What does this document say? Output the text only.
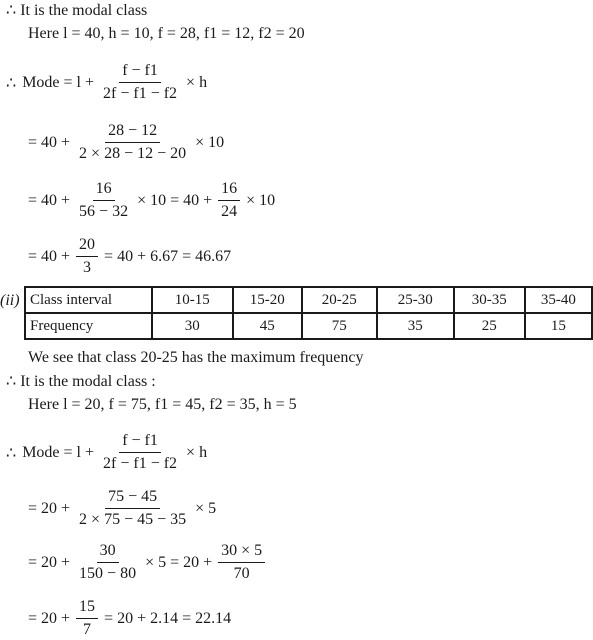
∴ It is the modal class
Here l = 40, h = 10, f = 28, f1 = 12, f2 = 20
∴ Mode = $l + \frac{f - f1}{2f - f1 - f2} \times h$
= $40 + \frac{28 - 12}{2 \times 28 - 12 - 20} \times 10$
= $40 + \frac{16}{56 - 32} \times 10 = 40 + \frac{16}{24} \times 10$
= $40 + \frac{20}{3} = 40 + 6.67 = 46.67$
(ii) Class interval	10-15	15-20	20-25	25-30	30-35	35-40
Frequency	30	45	75	35	25	15
We see that class 20-25 has the maximum frequency
∴ It is the modal class :
Here l = 20, f = 75, f1 = 45, f2 = 35, h = 5
∴ Mode = $l + \frac{f - f1}{2f - f1 - f2} \times h$
= $20 + \frac{75 - 45}{2 \times 75 - 45 - 35} \times 5$
= $20 + \frac{30}{150 - 80} \times 5 = 20 + \frac{30 \times 5}{70}$
= $20 + \frac{15}{7} = 20 + 2.14 = 22.14$
